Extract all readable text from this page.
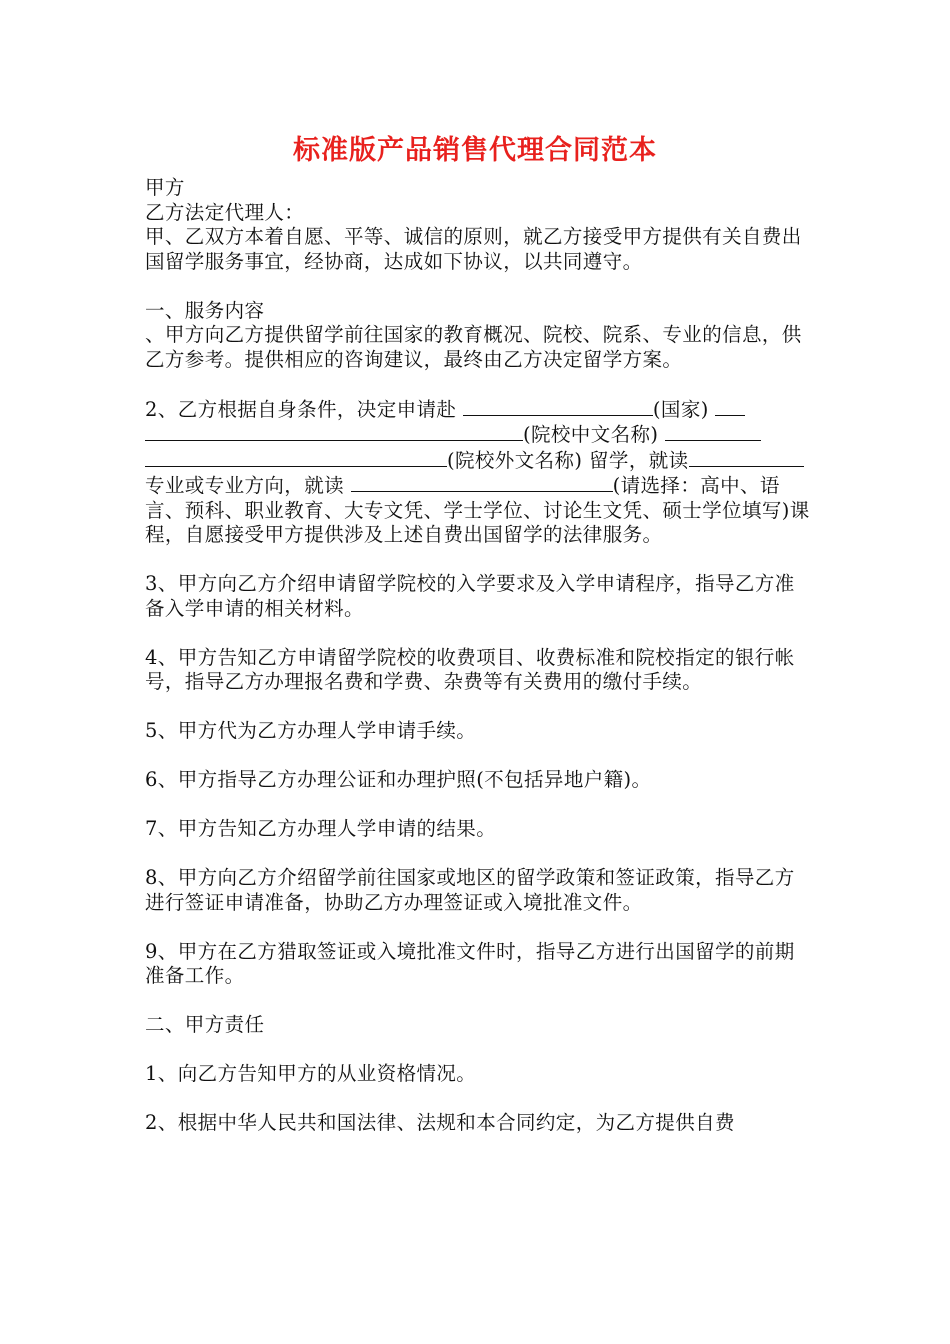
标准版产品销售代理合同范本

甲方

乙方法定代理人：

甲、乙双方本着自愿、平等、诚信的原则，就乙方接受甲方提供有关自费出国留学服务事宜，经协商，达成如下协议，以共同遵守。

一、服务内容

、甲方向乙方提供留学前往国家的教育概况、院校、院系、专业的信息，供乙方参考。提供相应的咨询建议，最终由乙方决定留学方案。

2、乙方根据自身条件，决定申请赴	(国家) (院校中文名称) (院校外文名称) 留学，就读专业或专业方向，就读	(请选择：高中、语言、预科、职业教育、大专文凭、学士学位、讨论生文凭、硕士学位填写)课程，自愿接受甲方提供涉及上述自费出国留学的法律服务。

3、甲方向乙方介绍申请留学院校的入学要求及入学申请程序，指导乙方准备入学申请的相关材料。

4、甲方告知乙方申请留学院校的收费项目、收费标准和院校指定的银行帐号，指导乙方办理报名费和学费、杂费等有关费用的缴付手续。

5、甲方代为乙方办理人学申请手续。

6、甲方指导乙方办理公证和办理护照(不包括异地户籍)。

7、甲方告知乙方办理人学申请的结果。

8、甲方向乙方介绍留学前往国家或地区的留学政策和签证政策，指导乙方进行签证申请准备，协助乙方办理签证或入境批准文件。

9、甲方在乙方猎取签证或入境批准文件时，指导乙方进行出国留学的前期准备工作。

二、甲方责任

1、向乙方告知甲方的从业资格情况。

2、根据中华人民共和国法律、法规和本合同约定，为乙方提供自费
